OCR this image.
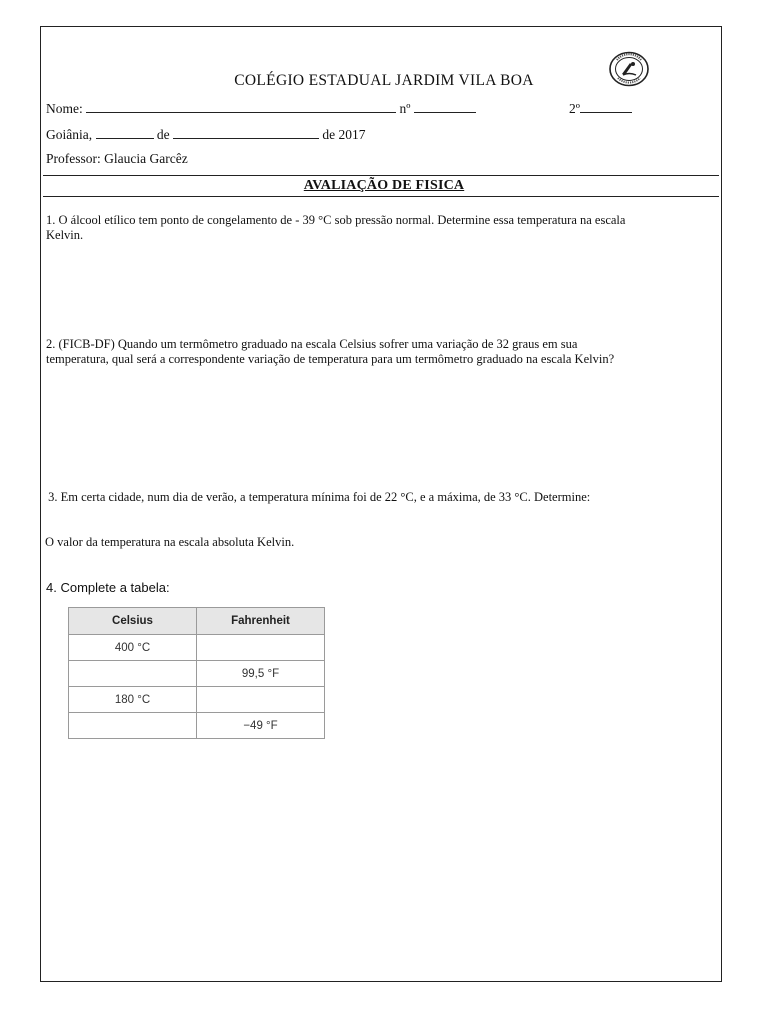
COLÉGIO ESTADUAL JARDIM VILA BOA
Nome:	nº	2º
Goiânia,	de	de 2017
Professor: Glaucia Garcêz
AVALIAÇÃO DE FISICA
1. O álcool etílico tem ponto de congelamento de - 39 °C sob pressão normal. Determine essa temperatura na escala
Kelvin.
2. (FICB-DF) Quando um termômetro graduado na escala Celsius sofrer uma variação de 32 graus em sua
temperatura, qual será a correspondente variação de temperatura para um termômetro graduado na escala Kelvin?

3. Em certa cidade, num dia de verão, a temperatura mínima foi de 22 °C, e a máxima, de 33 °C. Determine:

O valor da temperatura na escala absoluta Kelvin.

4. Complete a tabela:
Celsius	Fahrenheit
400 °C	
	99,5 °F
180 °C	
	−49 °F
